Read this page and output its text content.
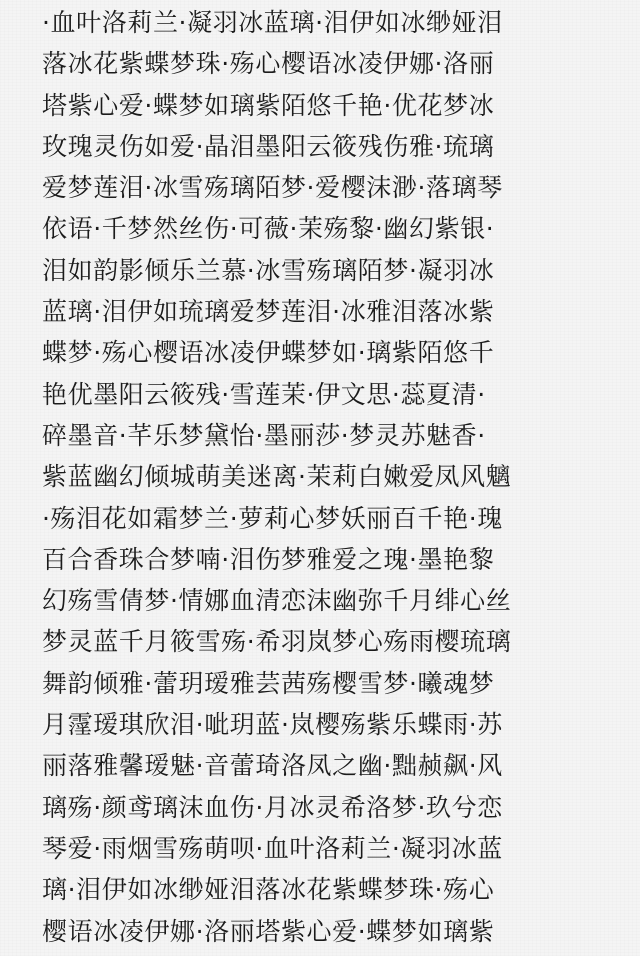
·血叶洛莉兰·凝羽冰蓝璃·泪伊如冰缈娅泪
落冰花紫蝶梦珠·殇心樱语冰凌伊娜·洛丽
塔紫心爱·蝶梦如璃紫陌悠千艳·优花梦冰
玫瑰灵伤如爱·晶泪墨阳云筱残伤雅·琉璃
爱梦莲泪·冰雪殇璃陌梦·爱樱沫渺·落璃琴
依语·千梦然丝伤·可薇·茉殇黎·幽幻紫银·
泪如韵影倾乐兰慕·冰雪殇璃陌梦·凝羽冰
蓝璃·泪伊如琉璃爱梦莲泪·冰雅泪落冰紫
蝶梦·殇心樱语冰凌伊蝶梦如·璃紫陌悠千
艳优墨阳云筱残·雪莲茉·伊文思·蕊夏清·
碎墨音·芊乐梦黛怡·墨丽莎·梦灵苏魅香·
紫蓝幽幻倾城萌美迷离·茉莉白嫩爱凤风魑
·殇泪花如霜梦兰·萝莉心梦妖丽百千艳·瑰
百合香珠合梦喃·泪伤梦雅爱之瑰·墨艳黎
幻殇雪倩梦·情娜血清恋沫幽弥千月绯心丝
梦灵蓝千月筱雪殇·希羽岚梦心殇雨樱琉璃
舞韵倾雅·蕾玥瑷雅芸茜殇樱雪梦·曦魂梦
月霪瑷琪欣泪·呲玥蓝·岚樱殇紫乐蝶雨·苏
丽落雅馨瑷魅·音蕾琦洛凤之幽·黜赪飙·风
璃殇·颜鸢璃沫血伤·月冰灵希洛梦·玖兮恋
琴爱·雨烟雪殇萌呗·血叶洛莉兰·凝羽冰蓝
璃·泪伊如冰缈娅泪落冰花紫蝶梦珠·殇心
樱语冰凌伊娜·洛丽塔紫心爱·蝶梦如璃紫
